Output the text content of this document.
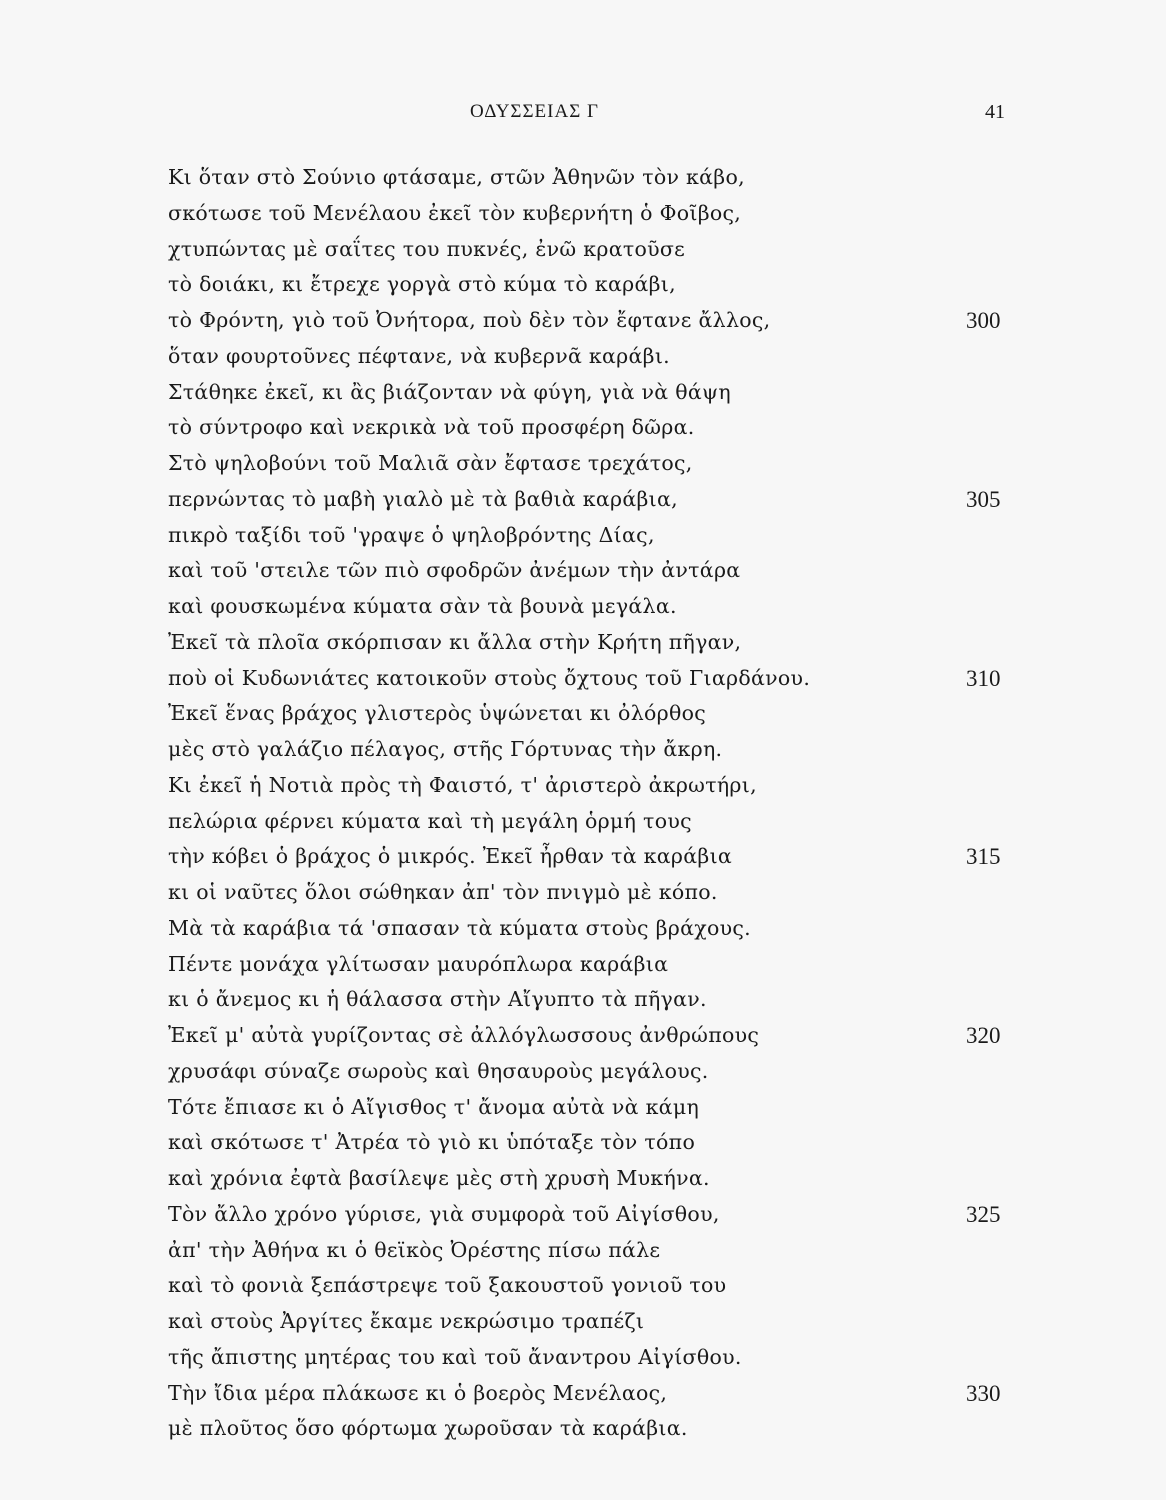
ΟΔΥΣΣΕΙΑΣ Γ	41
Κι ὅταν στὸ Σούνιο φτάσαμε, στῶν Ἀθηνῶν τὸν κάβο,
σκότωσε τοῦ Μενέλαου ἐκεῖ τὸν κυβερνήτη ὁ Φοῖβος,
χτυπώντας μὲ σαΐτες του πυκνές, ἐνῶ κρατοῦσε
τὸ δοιάκι, κι ἔτρεχε γοργὰ στὸ κύμα τὸ καράβι,
τὸ Φρόντη, γιὸ τοῦ Ὀνήτορα, ποὺ δὲν τὸν ἔφτανε ἄλλος,	300
ὅταν φουρτοῦνες πέφτανε, νὰ κυβερνᾶ καράβι.
Στάθηκε ἐκεῖ, κι ἂς βιάζονταν νὰ φύγη, γιὰ νὰ θάψη
τὸ σύντροφο καὶ νεκρικὰ νὰ τοῦ προσφέρη δῶρα.
Στὸ ψηλοβούνι τοῦ Μαλιᾶ σὰν ἔφτασε τρεχάτος,
περνώντας τὸ μαβὴ γιαλὸ μὲ τὰ βαθιὰ καράβια,	305
πικρὸ ταξίδι τοῦ 'γραψε ὁ ψηλοβρόντης Δίας,
καὶ τοῦ 'στειλε τῶν πιὸ σφοδρῶν ἀνέμων τὴν ἀντάρα
καὶ φουσκωμένα κύματα σὰν τὰ βουνὰ μεγάλα.
Ἐκεῖ τὰ πλοῖα σκόρπισαν κι ἄλλα στὴν Κρήτη πῆγαν,
ποὺ οἱ Κυδωνιάτες κατοικοῦν στοὺς ὄχτους τοῦ Γιαρδάνου.	310
Ἐκεῖ ἕνας βράχος γλιστερὸς ὑψώνεται κι ὀλόρθος
μὲς στὸ γαλάζιο πέλαγος, στῆς Γόρτυνας τὴν ἄκρη.
Κι ἐκεῖ ἡ Νοτιὰ πρὸς τὴ Φαιστό, τ' ἀριστερὸ ἀκρωτήρι,
πελώρια φέρνει κύματα καὶ τὴ μεγάλη ὁρμή τους
τὴν κόβει ὁ βράχος ὁ μικρός. Ἐκεῖ ἦρθαν τὰ καράβια	315
κι οἱ ναῦτες ὅλοι σώθηκαν ἀπ' τὸν πνιγμὸ μὲ κόπο.
Μὰ τὰ καράβια τά 'σπασαν τὰ κύματα στοὺς βράχους.
Πέντε μονάχα γλίτωσαν μαυρόπλωρα καράβια
κι ὁ ἄνεμος κι ἡ θάλασσα στὴν Αἴγυπτο τὰ πῆγαν.
Ἐκεῖ μ' αὐτὰ γυρίζοντας σὲ ἀλλόγλωσσους ἀνθρώπους	320
χρυσάφι σύναζε σωροὺς καὶ θησαυροὺς μεγάλους.
Τότε ἔπιασε κι ὁ Αἴγισθος τ' ἄνομα αὐτὰ νὰ κάμη
καὶ σκότωσε τ' Ἀτρέα τὸ γιὸ κι ὑπόταξε τὸν τόπο
καὶ χρόνια ἐφτὰ βασίλεψε μὲς στὴ χρυσὴ Μυκήνα.
Τὸν ἄλλο χρόνο γύρισε, γιὰ συμφορὰ τοῦ Αἰγίσθου,	325
ἀπ' τὴν Ἀθήνα κι ὁ θεϊκὸς Ὀρέστης πίσω πάλε
καὶ τὸ φονιὰ ξεπάστρεψε τοῦ ξακουστοῦ γονιοῦ του
καὶ στοὺς Ἀργίτες ἔκαμε νεκρώσιμο τραπέζι
τῆς ἄπιστης μητέρας του καὶ τοῦ ἄναντρου Αἰγίσθου.
Τὴν ἴδια μέρα πλάκωσε κι ὁ βοερὸς Μενέλαος,	330
μὲ πλοῦτος ὅσο φόρτωμα χωροῦσαν τὰ καράβια.
